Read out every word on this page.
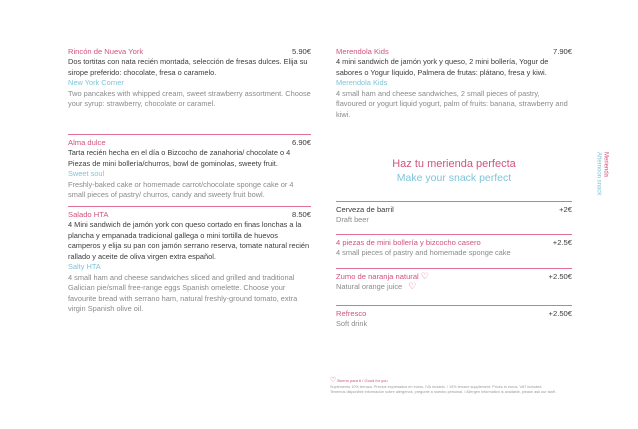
Rincón de Nueva York	5.90€
Dos tortitas con nata recién montada, selección de fresas dulces. Elija su sirope preferido: chocolate, fresa o caramelo.
New York Corner
Two pancakes with whipped cream, sweet strawberry assortment. Choose your syrup: strawberry, chocolate or caramel.
Alma dulce	6.90€
Tarta recién hecha en el día o Bizcocho de zanahoria/ chocolate o 4 Piezas de mini bollería/churros, bowl de gominolas, sweety fruit.
Sweet soul
Freshly-baked cake or homemade carrot/chocolate sponge cake or 4 small pieces of pastry/ churros, candy and sweety fruit bowl.
Salado HTA	8.50€
4 Mini sandwich de jamón york con queso cortado en finas lonchas a la plancha y empanada tradicional gallega o mini tortilla de huevos camperos y elija su pan con jamón serrano reserva, tomate natural recién rallado y aceite de oliva virgen extra español.
Salty HTA
4 small ham and cheese sandwiches sliced and grilled and traditional Galician pie/small free-range eggs Spanish omelette. Choose your favourite bread with serrano ham, natural freshly-ground tomato, extra virgin Spanish olive oil.
Merendola Kids	7.90€
4 mini sandwich de jamón york y queso, 2 mini bollería, Yogur de sabores o Yogur líquido, Palmera de frutas: plátano, fresa y kiwi.
Merendola Kids
4 small ham and cheese sandwiches, 2 small pieces of pastry, flavoured or yogurt liquid yogurt, palm of fruits: banana, strawberry and kiwi.
Merienda
Afternoon snack
Haz tu merienda perfecta
Make your snack perfect
Cerveza de barril	+2€
Draft beer
4 piezas de mini bollería y bizcocho casero	+2.5€
4 small pieces of pastry and homemade sponge cake
Zumo de naranja natural ♡	+2.50€
Natural orange juice ♡
Refresco	+2.50€
Soft drink
♡ Bueno para ti / Good for you
Suplemento 10% terraza. Precios expresados en euros, IVA incluido. / 10% terrace supplement. Prices in euros, VAT included.
Tenemos disponible información sobre alérgenos, pregunte a nuestro personal. / Allergen information is available, please ask our staff.
